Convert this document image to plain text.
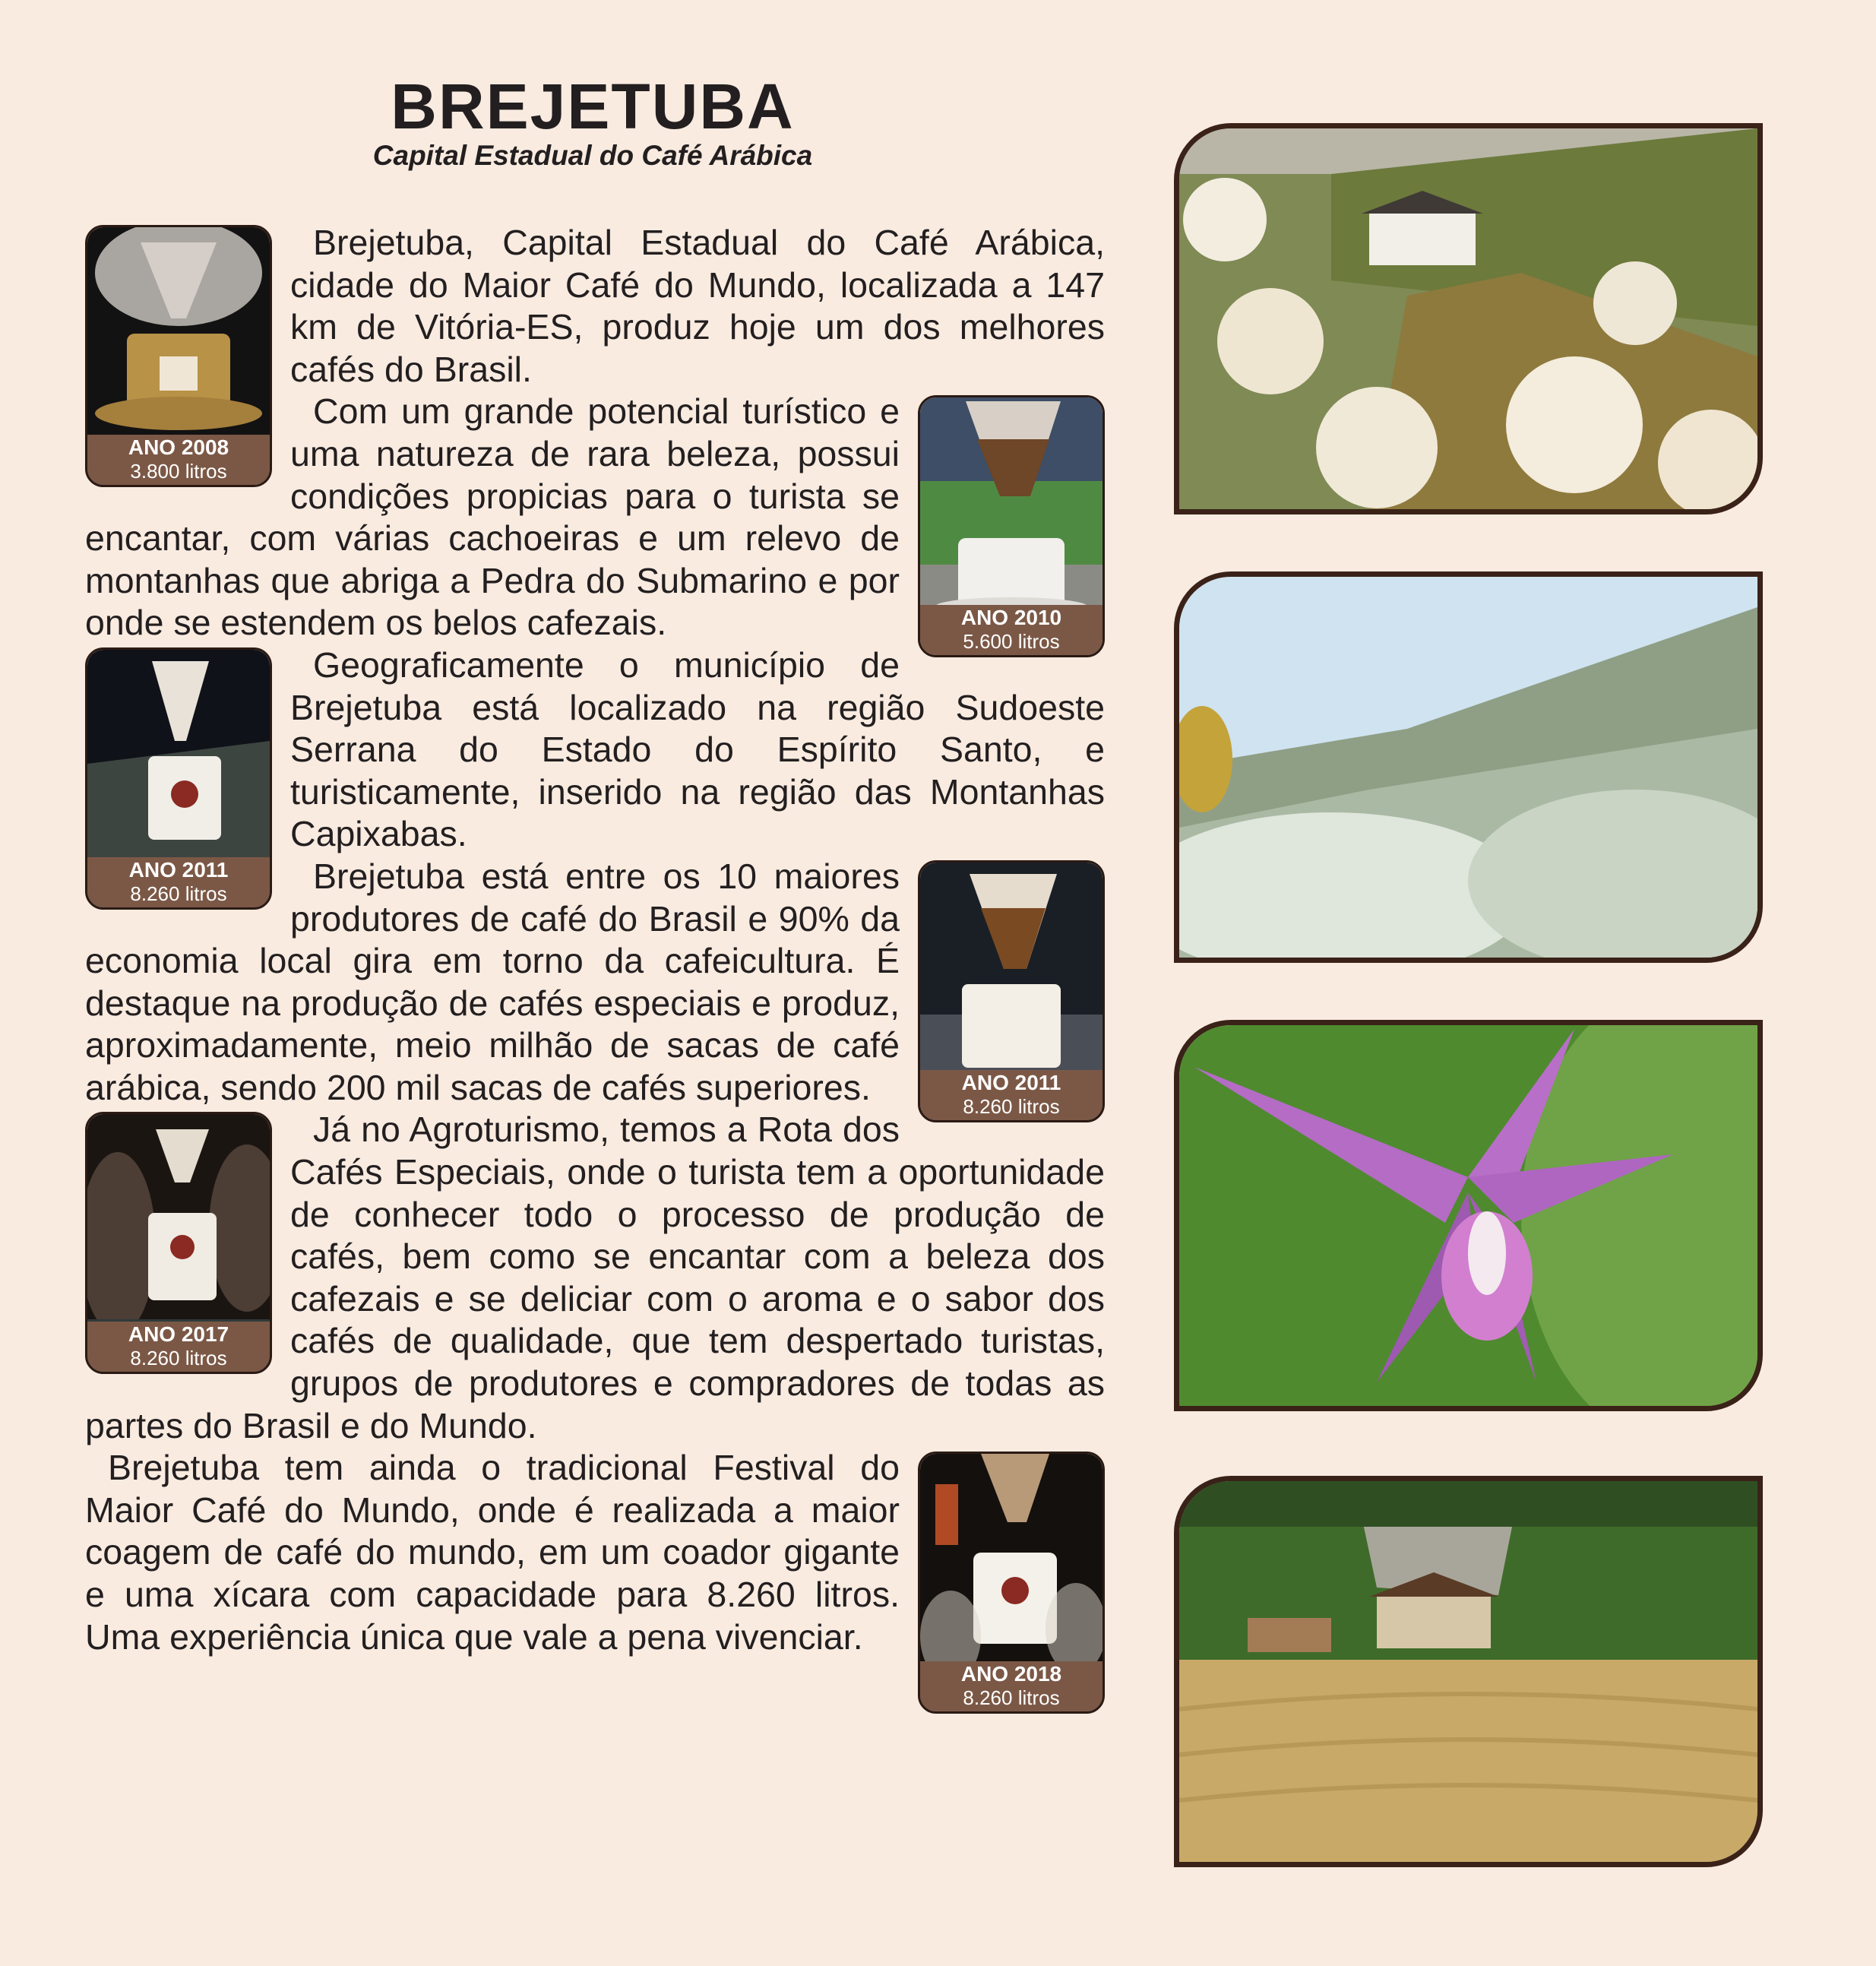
BREJETUBA
Capital Estadual do Café Arábica
ANO 2008
3.800 litros

Brejetuba, Capital Estadual do Café Arábica, cidade do Maior Café do Mundo, localizada a 147 km de Vitória-ES, produz hoje um dos melhores cafés do Brasil.

ANO 2010
5.600 litros

Com um grande potencial turístico e uma natureza de rara beleza, possui condições propicias para o turista se encantar, com várias cachoeiras e um relevo de montanhas que abriga a Pedra do Submarino e por onde se estendem os belos cafezais.

ANO 2011
8.260 litros

Geograficamente o município de Brejetuba está localizado na região Sudoeste Serrana do Estado do Espírito Santo, e turisticamente, inserido na região das Montanhas Capixabas.

ANO 2011
8.260 litros

Brejetuba está entre os 10 maiores produtores de café do Brasil e 90% da economia local gira em torno da cafeicultura. É destaque na produção de cafés especiais e produz, aproximadamente, meio milhão de sacas de café arábica, sendo 200 mil sacas de cafés superiores.

ANO 2017
8.260 litros

Já no Agroturismo, temos a Rota dos Cafés Especiais, onde o turista tem a oportunidade de conhecer todo o processo de produção de cafés, bem como se encantar com a beleza dos cafezais e se deliciar com o aroma e o sabor dos cafés de qualidade, que tem despertado turistas, grupos de produtores e compradores de todas as partes do Brasil e do Mundo.

ANO 2018
8.260 litros

Brejetuba tem ainda o tradicional Festival do Maior Café do Mundo, onde é realizada a maior coagem de café do mundo, em um coador gigante e uma xícara com capacidade para 8.260 litros. Uma experiência única que vale a pena vivenciar.
